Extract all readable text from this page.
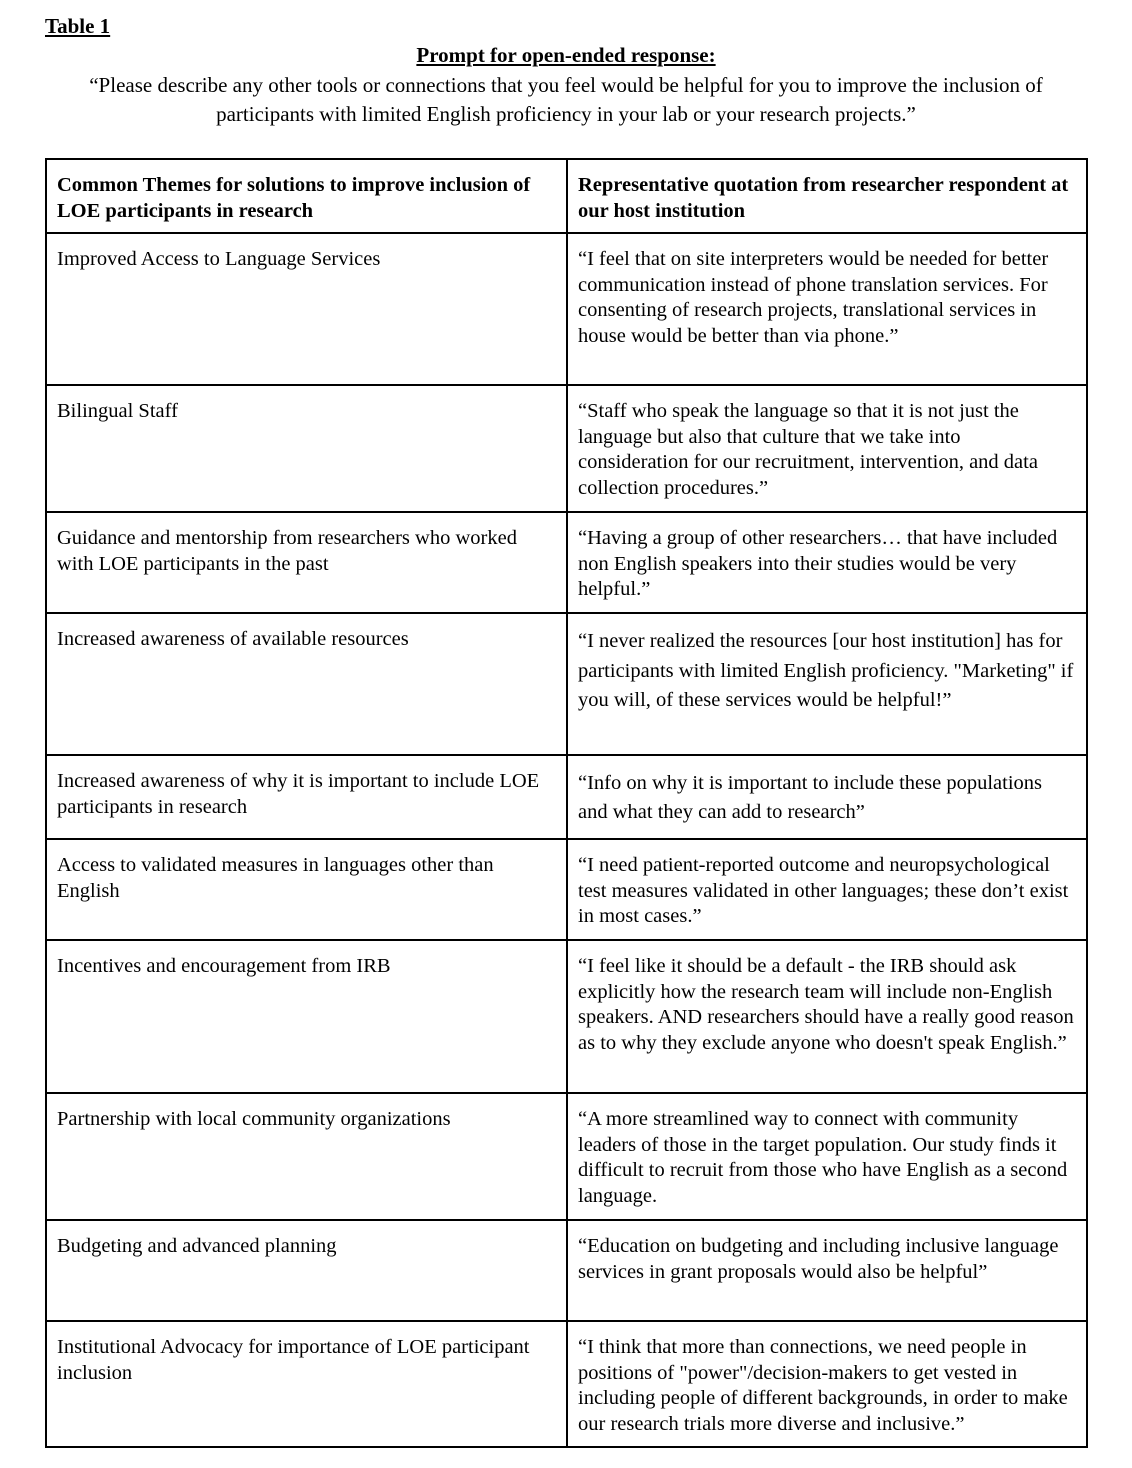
Table 1
Prompt for open-ended response:
“Please describe any other tools or connections that you feel would be helpful for you to improve the inclusion of participants with limited English proficiency in your lab or your research projects.”
Common Themes for solutions to improve inclusion of LOE participants in research	Representative quotation from researcher respondent at our host institution
Improved Access to Language Services	“I feel that on site interpreters would be needed for better communication instead of phone translation services. For consenting of research projects, translational services in house would be better than via phone.”
Bilingual Staff	“Staff who speak the language so that it is not just the language but also that culture that we take into consideration for our recruitment, intervention, and data collection procedures.”
Guidance and mentorship from researchers who worked with LOE participants in the past	“Having a group of other researchers… that have included non English speakers into their studies would be very helpful.”
Increased awareness of available resources	“I never realized the resources [our host institution] has for participants with limited English proficiency. "Marketing" if you will, of these services would be helpful!”
Increased awareness of why it is important to include LOE participants in research	“Info on why it is important to include these populations and what they can add to research”
Access to validated measures in languages other than English	“I need patient-reported outcome and neuropsychological test measures validated in other languages; these don’t exist in most cases.”
Incentives and encouragement from IRB	“I feel like it should be a default - the IRB should ask explicitly how the research team will include non-English speakers. AND researchers should have a really good reason as to why they exclude anyone who doesn't speak English.”
Partnership with local community organizations	“A more streamlined way to connect with community leaders of those in the target population. Our study finds it difficult to recruit from those who have English as a second language.
Budgeting and advanced planning	“Education on budgeting and including inclusive language services in grant proposals would also be helpful”
Institutional Advocacy for importance of LOE participant inclusion	“I think that more than connections, we need people in positions of "power"/decision-makers to get vested in including people of different backgrounds, in order to make our research trials more diverse and inclusive.”
